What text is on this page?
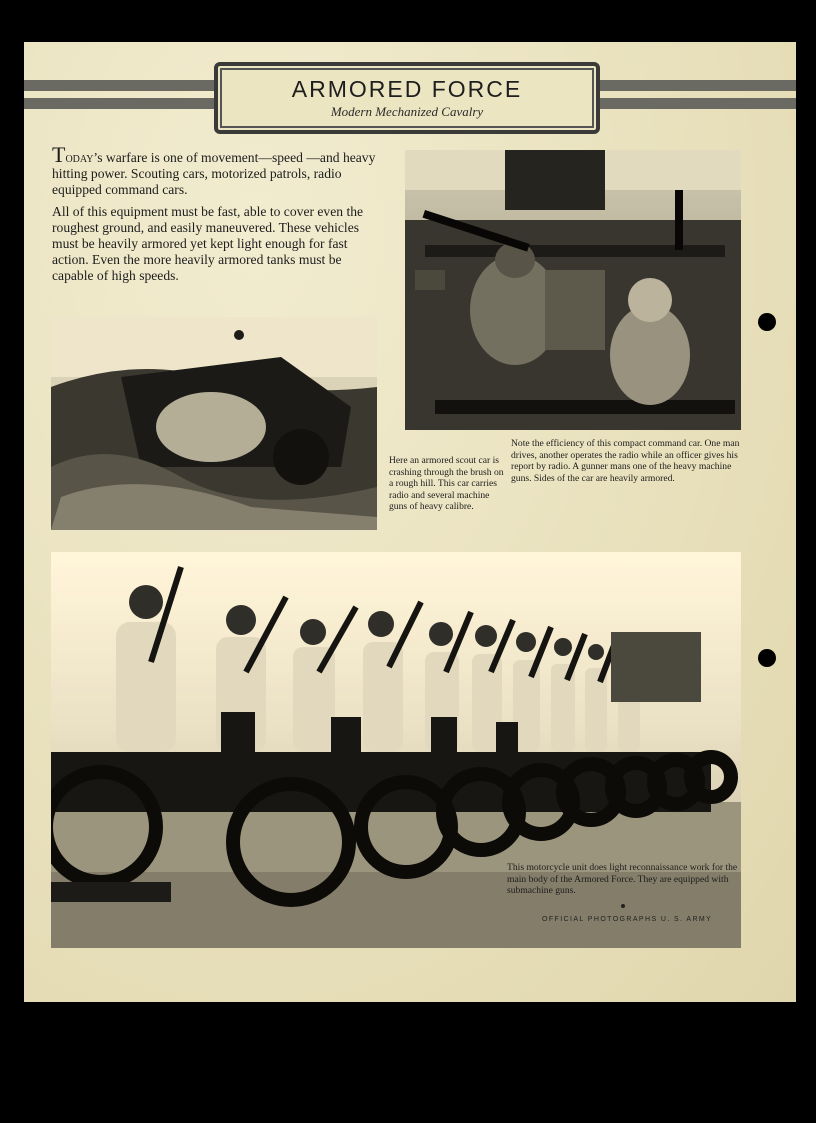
ARMORED FORCE
Modern Mechanized Cavalry

Today’s warfare is one of movement—speed —and heavy hitting power. Scouting cars, motorized patrols, radio equipped command cars.

All of this equipment must be fast, able to cover even the roughest ground, and easily maneuvered. These vehicles must be heavily armored yet kept light enough for fast action. Even the more heavily armored tanks must be capable of high speeds.

Here an armored scout car is crashing through the brush on a rough hill. This car carries radio and several machine guns of heavy calibre.
Note the efficiency of this compact command car. One man drives, another operates the radio while an officer gives his report by radio. A gunner mans one of the heavy machine guns. Sides of the car are heavily armored.
This motorcycle unit does light reconnaissance work for the main body of the Armored Force. They are equipped with submachine guns.
OFFICIAL PHOTOGRAPHS U. S. ARMY
